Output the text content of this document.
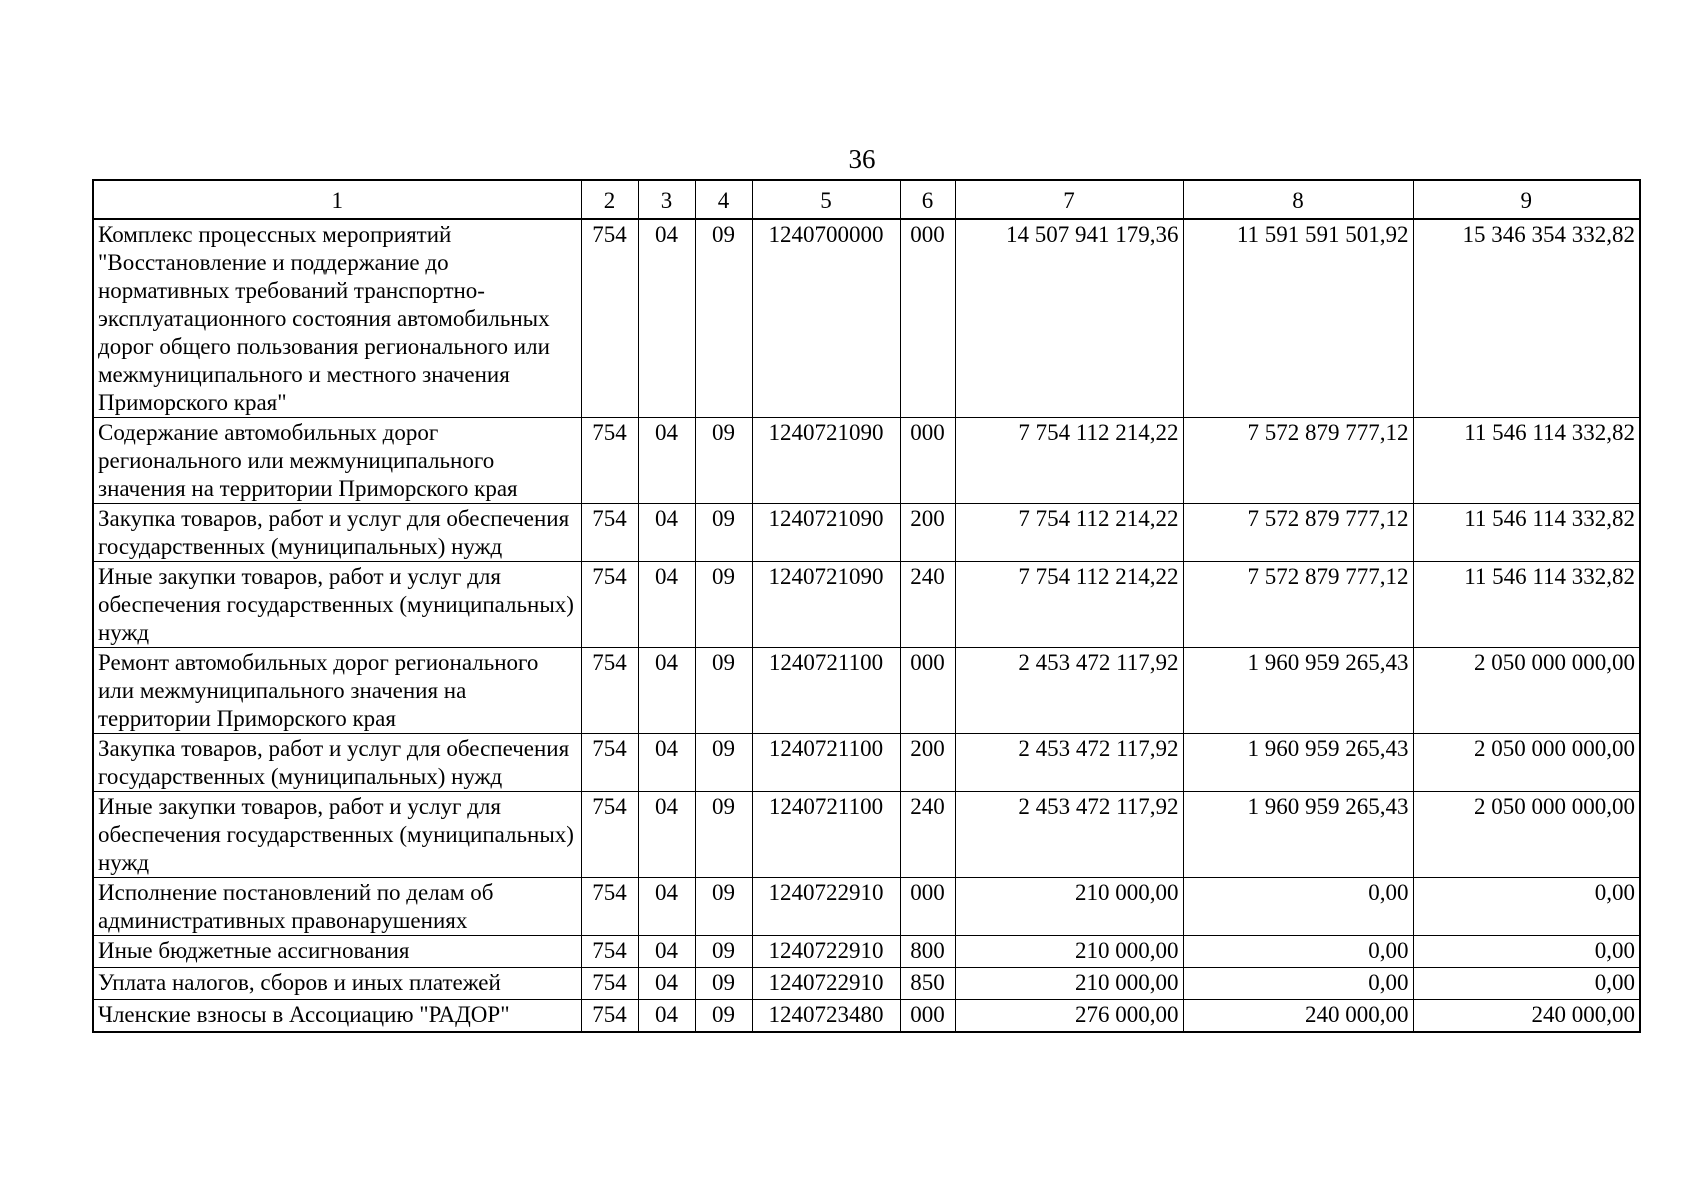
36
1	2	3	4	5	6	7	8	9
Комплекс процессных мероприятий "Восстановление и поддержание до нормативных требований транспортно-эксплуатационного состояния автомобильных дорог общего пользования регионального или межмуниципального и местного значения Приморского края"	754	04	09	1240700000	000	14 507 941 179,36	11 591 591 501,92	15 346 354 332,82
Содержание автомобильных дорог регионального или межмуниципального значения на территории Приморского края	754	04	09	1240721090	000	7 754 112 214,22	7 572 879 777,12	11 546 114 332,82
Закупка товаров, работ и услуг для обеспечения государственных (муниципальных) нужд	754	04	09	1240721090	200	7 754 112 214,22	7 572 879 777,12	11 546 114 332,82
Иные закупки товаров, работ и услуг для обеспечения государственных (муниципальных) нужд	754	04	09	1240721090	240	7 754 112 214,22	7 572 879 777,12	11 546 114 332,82
Ремонт автомобильных дорог регионального или межмуниципального значения на территории Приморского края	754	04	09	1240721100	000	2 453 472 117,92	1 960 959 265,43	2 050 000 000,00
Закупка товаров, работ и услуг для обеспечения государственных (муниципальных) нужд	754	04	09	1240721100	200	2 453 472 117,92	1 960 959 265,43	2 050 000 000,00
Иные закупки товаров, работ и услуг для обеспечения государственных (муниципальных) нужд	754	04	09	1240721100	240	2 453 472 117,92	1 960 959 265,43	2 050 000 000,00
Исполнение постановлений по делам об административных правонарушениях	754	04	09	1240722910	000	210 000,00	0,00	0,00
Иные бюджетные ассигнования	754	04	09	1240722910	800	210 000,00	0,00	0,00
Уплата налогов, сборов и иных платежей	754	04	09	1240722910	850	210 000,00	0,00	0,00
Членские взносы в Ассоциацию "РАДОР"	754	04	09	1240723480	000	276 000,00	240 000,00	240 000,00
